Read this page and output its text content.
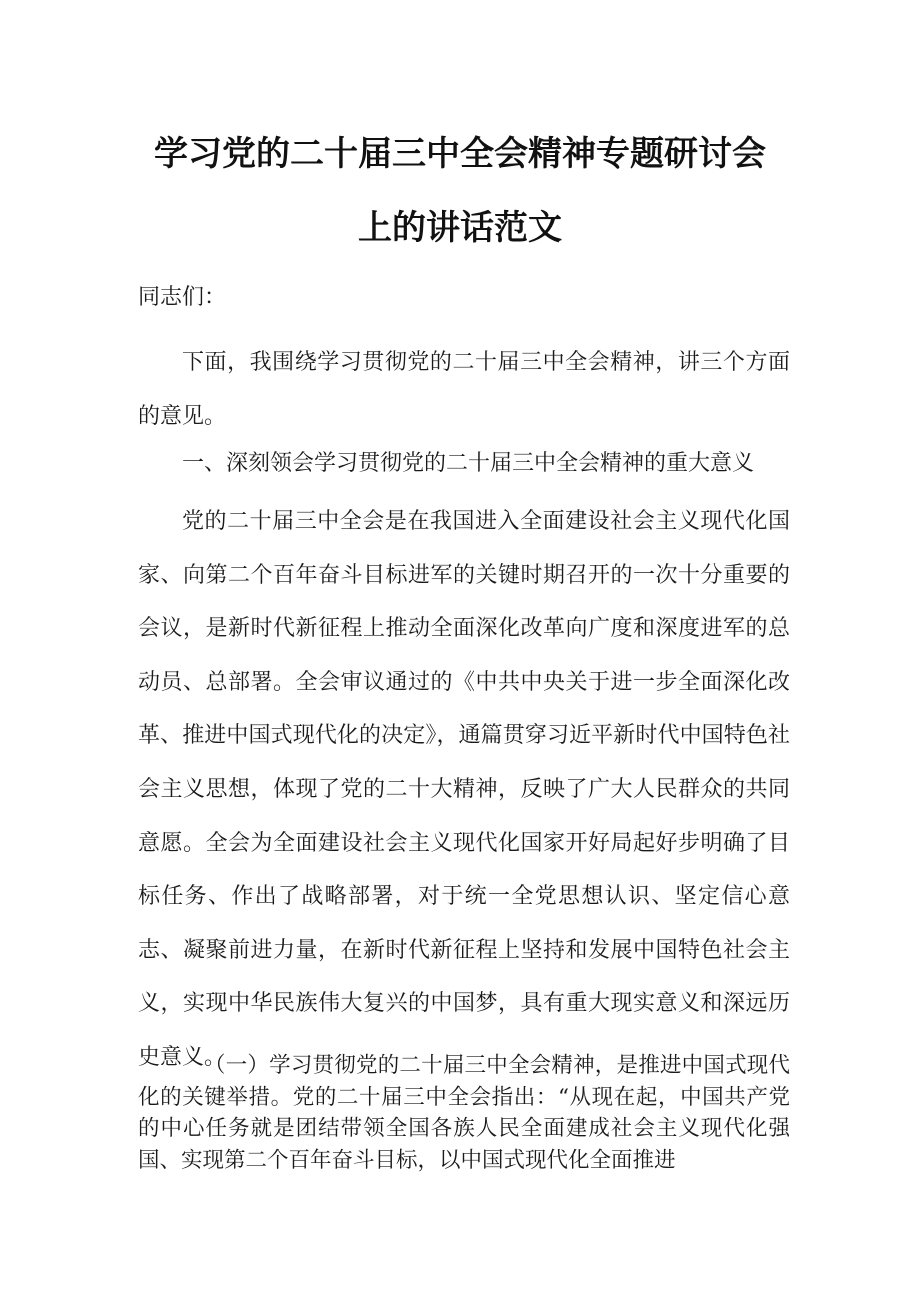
学习党的二十届三中全会精神专题研讨会
上的讲话范文

同志们：

下面，我围绕学习贯彻党的二十届三中全会精神，讲三个方面的意见。

一、深刻领会学习贯彻党的二十届三中全会精神的重大意义

党的二十届三中全会是在我国进入全面建设社会主义现代化国家、向第二个百年奋斗目标进军的关键时期召开的一次十分重要的会议，是新时代新征程上推动全面深化改革向广度和深度进军的总动员、总部署。全会审议通过的《中共中央关于进一步全面深化改革、推进中国式现代化的决定》，通篇贯穿习近平新时代中国特色社会主义思想，体现了党的二十大精神，反映了广大人民群众的共同意愿。全会为全面建设社会主义现代化国家开好局起好步明确了目标任务、作出了战略部署，对于统一全党思想认识、坚定信心意志、凝聚前进力量，在新时代新征程上坚持和发展中国特色社会主义，实现中华民族伟大复兴的中国梦，具有重大现实意义和深远历史意义。

（一）学习贯彻党的二十届三中全会精神，是推进中国式现代化的关键举措。党的二十届三中全会指出：“从现在起，中国共产党的中心任务就是团结带领全国各族人民全面建成社会主义现代化强国、实现第二个百年奋斗目标，以中国式现代化全面推进
